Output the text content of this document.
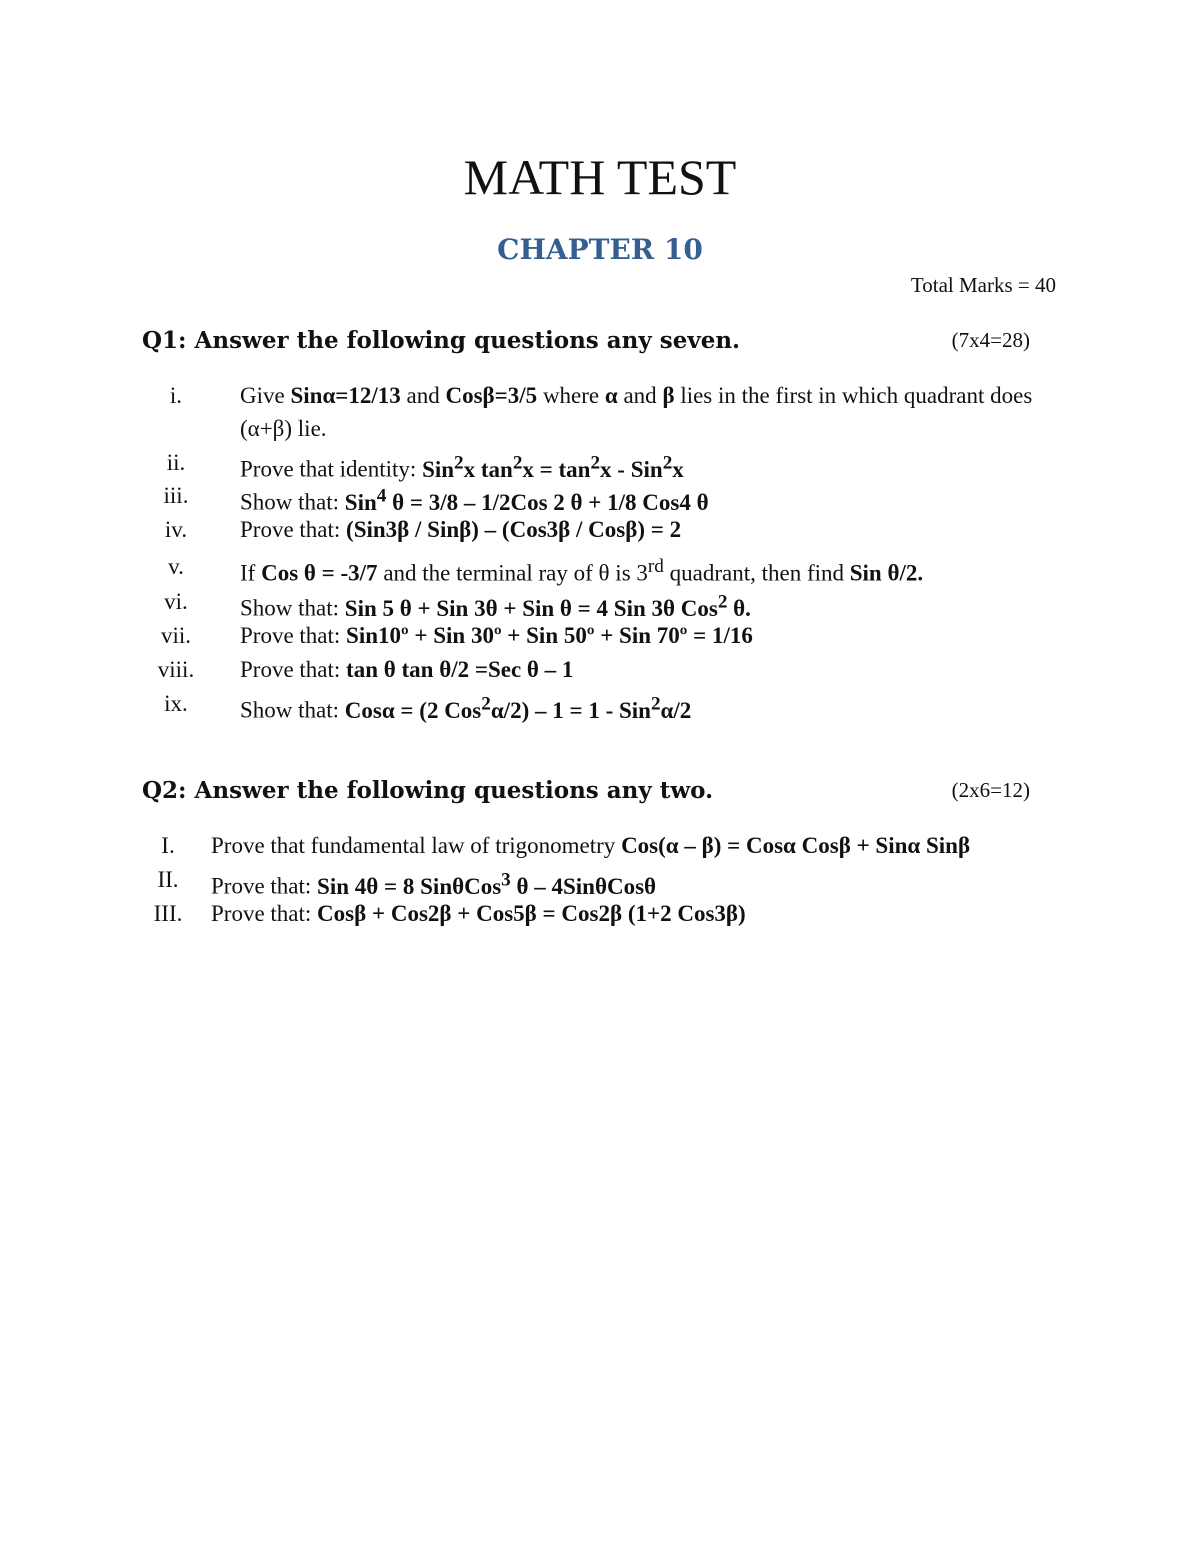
MATH TEST
CHAPTER 10
Total Marks = 40
Q1: Answer the following questions any seven.	(7x4=28)
i.	Give Sinα=12/13 and Cosβ=3/5 where α and β lies in the first in which quadrant does (α+β) lie.
ii.	Prove that identity: Sin$^2$x $\tan^2x = \tan^2x - Sin^2x$
iii.	Show that: Sin$^4$ θ = 3/8 – 1/2Cos 2 θ + 1/8 Cos4 θ
iv.	Prove that: (Sin3β / Sinβ) – (Cos3β / Cosβ) = 2
v.	If Cos θ = -3/7 and the terminal ray of θ is 3rd quadrant, then find Sin θ/2.
vi.	Show that: Sin 5 θ + Sin 3θ + Sin θ = 4 Sin 3θ Cos$^2$ θ.
vii.	Prove that: Sin10º + Sin 30º + Sin 50º + Sin 70º = 1/16
viii.	Prove that: tan θ tan θ/2 =Sec θ – 1
ix.	Show that: Cosα = (2 Cos$^2$α/2) – 1 = 1 - Sin$^2$α/2
Q2: Answer the following questions any two.	(2x6=12)
I.	Prove that fundamental law of trigonometry Cos(α – β) = Cosα Cosβ + Sinα Sinβ
II.	Prove that: Sin 4θ = 8 SinθCos$^3$ θ – 4SinθCosθ
III.	Prove that: Cosβ + Cos2β + Cos5β = Cos2β (1+2 Cos3β)
